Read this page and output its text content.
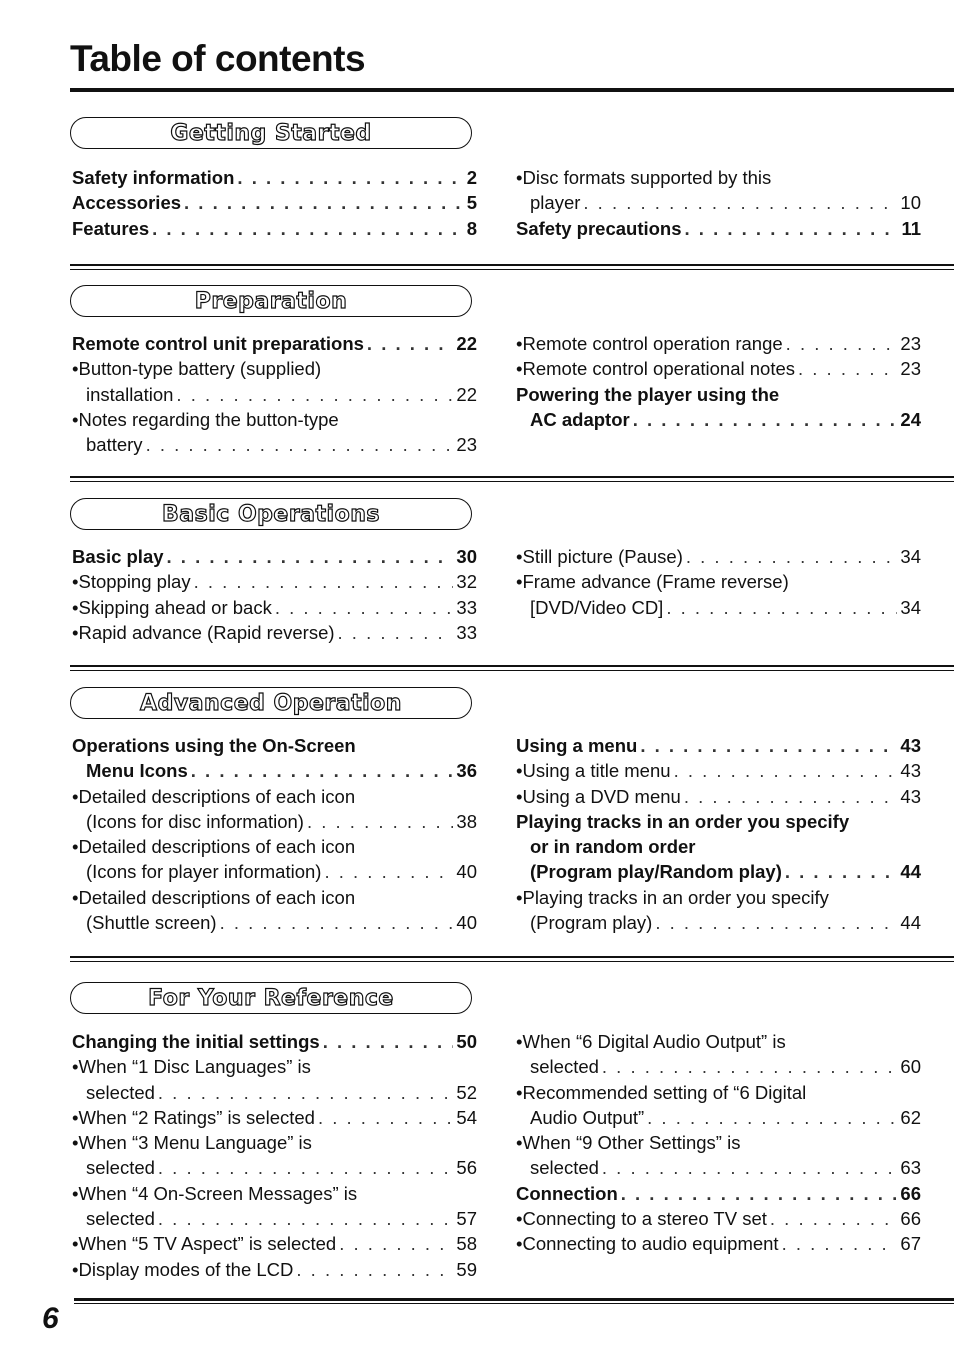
Table of contents
Getting Started
Safety information . . .	2
Accessories . . .	5
Features . . .	8
•Disc formats supported by this
player . . .	10
Safety precautions . . .	11
Preparation
Remote control unit preparations . . .	22
•Button-type battery (supplied)
installation . . .	22
•Notes regarding the button-type
battery . . .	23
•Remote control operation range . . .	23
•Remote control operational notes . . .	23
Powering the player using the
AC adaptor . . .	24
Basic Operations
Basic play . . .	30
•Stopping play . . .	32
•Skipping ahead or back . . .	33
•Rapid advance (Rapid reverse) . . .	33
•Still picture (Pause) . . .	34
•Frame advance (Frame reverse)
[DVD/Video CD] . . .	34
Advanced Operation
Operations using the On-Screen
Menu Icons . . .	36
•Detailed descriptions of each icon
(Icons for disc information) . . .	38
•Detailed descriptions of each icon
(Icons for player information) . . .	40
•Detailed descriptions of each icon
(Shuttle screen) . . .	40
Using a menu . . .	43
•Using a title menu . . .	43
•Using a DVD menu . . .	43
Playing tracks in an order you specify
or in random order
(Program play/Random play) . . .	44
•Playing tracks in an order you specify
(Program play) . . .	44
For Your Reference
Changing the initial settings . . .	50
•When “1 Disc Languages” is
selected . . .	52
•When “2 Ratings” is selected . . .	54
•When “3 Menu Language” is
selected . . .	56
•When “4 On-Screen Messages” is
selected . . .	57
•When “5 TV Aspect” is selected . . .	58
•Display modes of the LCD . . .	59
•When “6 Digital Audio Output” is
selected . . .	60
•Recommended setting of “6 Digital
Audio Output” . . .	62
•When “9 Other Settings” is
selected . . .	63
Connection . . .	66
•Connecting to a stereo TV set . . .	66
•Connecting to audio equipment . . .	67
6
